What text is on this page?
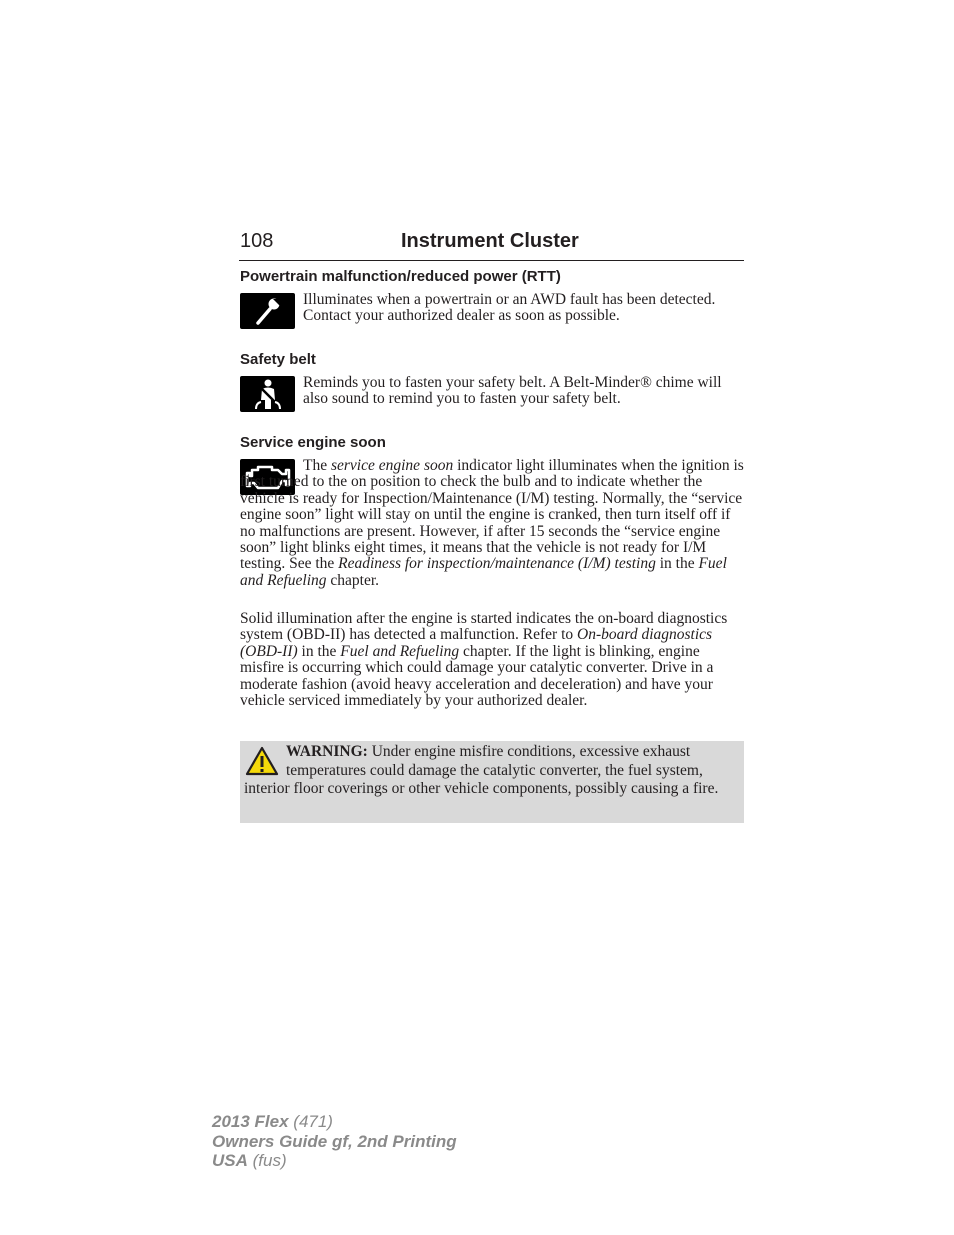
108	Instrument Cluster
Powertrain malfunction/reduced power (RTT)
Illuminates when a powertrain or an AWD fault has been detected. Contact your authorized dealer as soon as possible.
Safety belt
Reminds you to fasten your safety belt. A Belt-Minder® chime will also sound to remind you to fasten your safety belt.
Service engine soon
The service engine soon indicator light illuminates when the ignition is first turned to the on position to check the bulb and to indicate whether the vehicle is ready for Inspection/Maintenance (I/M) testing. Normally, the “service engine soon” light will stay on until the engine is cranked, then turn itself off if no malfunctions are present. However, if after 15 seconds the “service engine soon” light blinks eight times, it means that the vehicle is not ready for I/M testing. See the Readiness for inspection/maintenance (I/M) testing in the Fuel and Refueling chapter.
Solid illumination after the engine is started indicates the on-board diagnostics system (OBD-II) has detected a malfunction. Refer to On-board diagnostics (OBD-II) in the Fuel and Refueling chapter. If the light is blinking, engine misfire is occurring which could damage your catalytic converter. Drive in a moderate fashion (avoid heavy acceleration and deceleration) and have your vehicle serviced immediately by your authorized dealer.
WARNING: Under engine misfire conditions, excessive exhaust temperatures could damage the catalytic converter, the fuel system, interior floor coverings or other vehicle components, possibly causing a fire.
2013 Flex (471)
Owners Guide gf, 2nd Printing
USA (fus)
